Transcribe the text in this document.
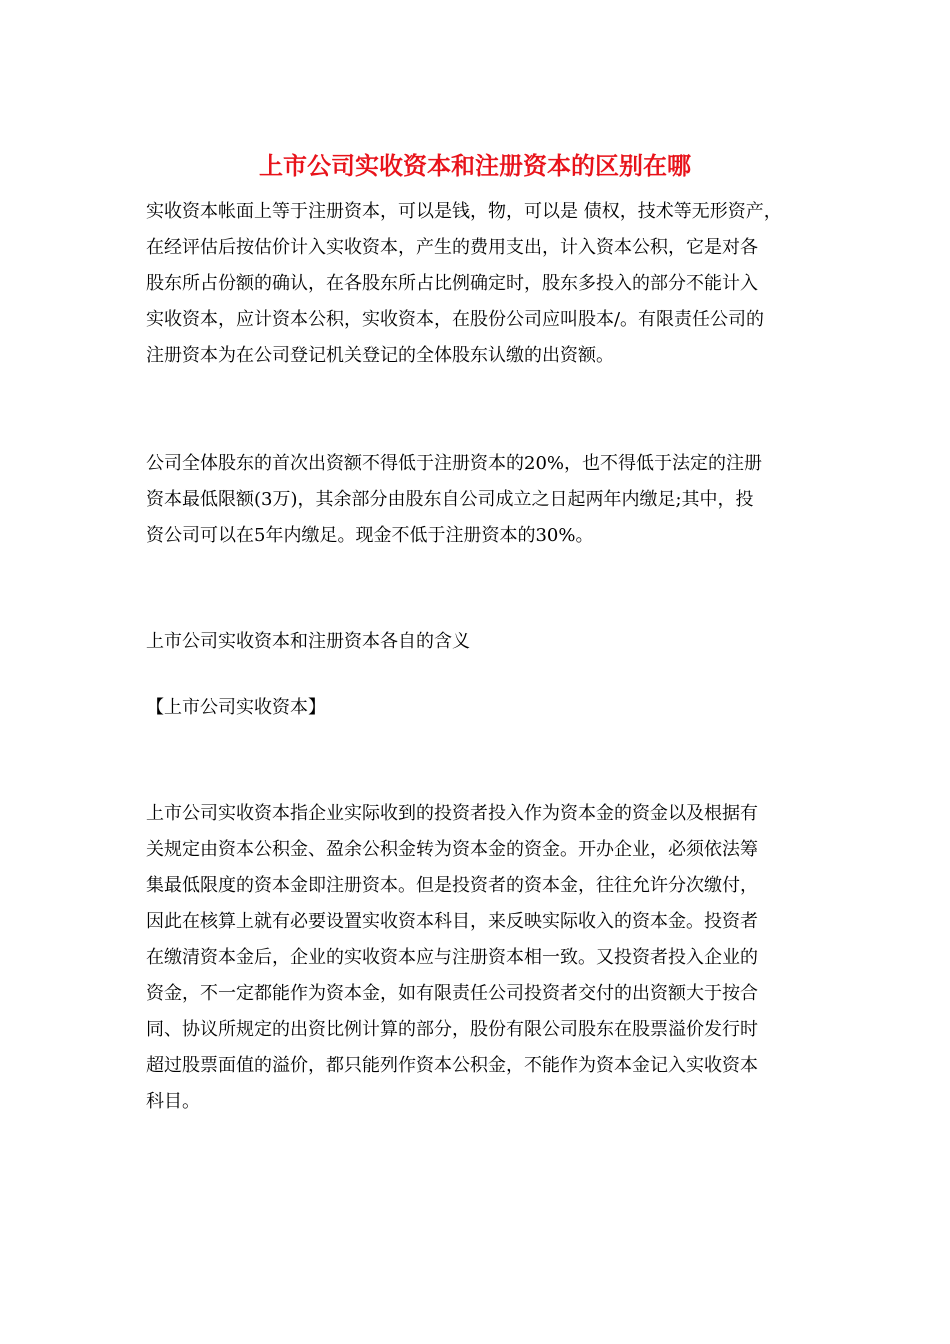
上市公司实收资本和注册资本的区别在哪

实收资本帐面上等于注册资本，可以是钱，物，可以是 债权，技术等无形资产，

在经评估后按估价计入实收资本，产生的费用支出，计入资本公积，它是对各

股东所占份额的确认，在各股东所占比例确定时，股东多投入的部分不能计入

实收资本，应计资本公积，实收资本，在股份公司应叫股本/。有限责任公司的

注册资本为在公司登记机关登记的全体股东认缴的出资额。

公司全体股东的首次出资额不得低于注册资本的20%，也不得低于法定的注册

资本最低限额(3万)，其余部分由股东自公司成立之日起两年内缴足;其中，投

资公司可以在5年内缴足。现金不低于注册资本的30%。

上市公司实收资本和注册资本各自的含义

【上市公司实收资本】

上市公司实收资本指企业实际收到的投资者投入作为资本金的资金以及根据有

关规定由资本公积金、盈余公积金转为资本金的资金。开办企业，必须依法筹

集最低限度的资本金即注册资本。但是投资者的资本金，往往允许分次缴付，

因此在核算上就有必要设置实收资本科目，来反映实际收入的资本金。投资者

在缴清资本金后，企业的实收资本应与注册资本相一致。又投资者投入企业的

资金，不一定都能作为资本金，如有限责任公司投资者交付的出资额大于按合

同、协议所规定的出资比例计算的部分，股份有限公司股东在股票溢价发行时

超过股票面值的溢价，都只能列作资本公积金，不能作为资本金记入实收资本

科目。
